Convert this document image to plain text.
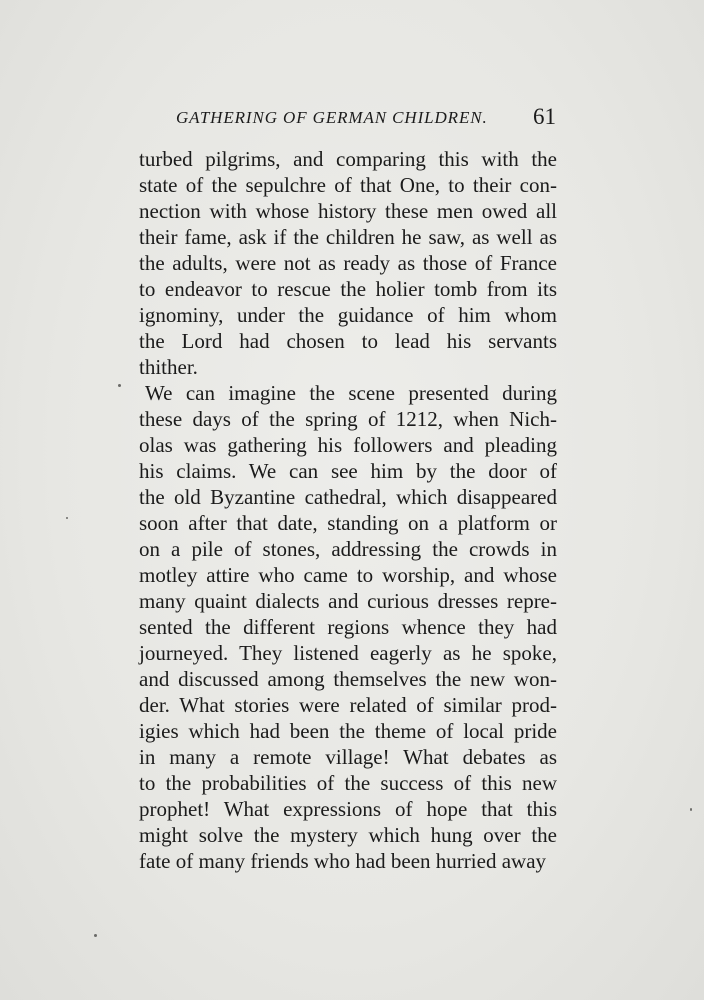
GATHERING OF GERMAN CHILDREN. 61
turbed pilgrims, and comparing this with the
state of the sepulchre of that One, to their con-
nection with whose history these men owed all
their fame, ask if the children he saw, as well as
the adults, were not as ready as those of France
to endeavor to rescue the holier tomb from its
ignominy, under the guidance of him whom
the Lord had chosen to lead his servants
thither.
We can imagine the scene presented during
these days of the spring of 1212, when Nich-
olas was gathering his followers and pleading
his claims. We can see him by the door of
the old Byzantine cathedral, which disappeared
soon after that date, standing on a platform or
on a pile of stones, addressing the crowds in
motley attire who came to worship, and whose
many quaint dialects and curious dresses repre-
sented the different regions whence they had
journeyed. They listened eagerly as he spoke,
and discussed among themselves the new won-
der. What stories were related of similar prod-
igies which had been the theme of local pride
in many a remote village! What debates as
to the probabilities of the success of this new
prophet! What expressions of hope that this
might solve the mystery which hung over the
fate of many friends who had been hurried away
